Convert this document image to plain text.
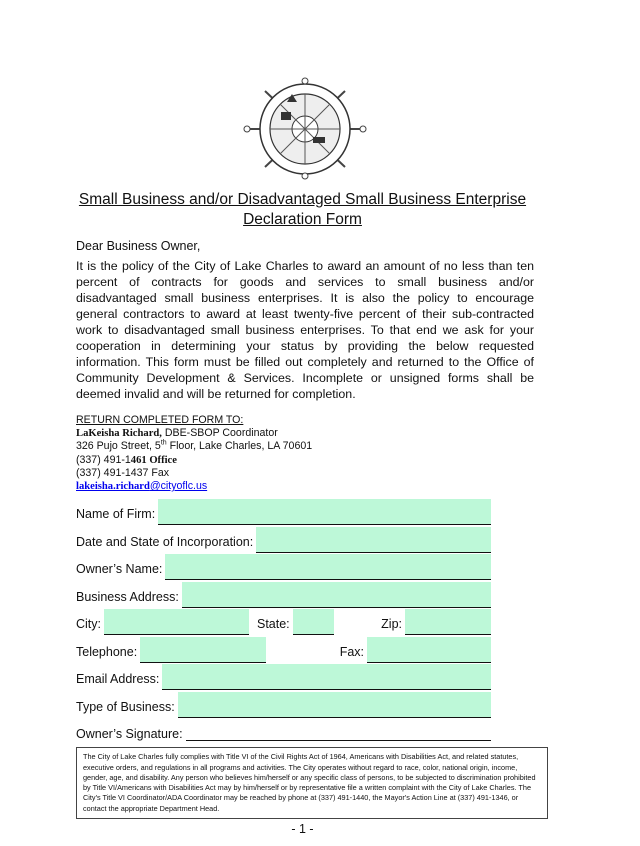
Small Business and/or Disadvantaged Small Business Enterprise
Declaration Form
Dear Business Owner,
It is the policy of the City of Lake Charles to award an amount of no less than ten percent of contracts for goods and services to small business and/or disadvantaged small business enterprises. It is also the policy to encourage general contractors to award at least twenty-five percent of their sub-contracted work to disadvantaged small business enterprises. To that end we ask for your cooperation in determining your status by providing the below requested information. This form must be filled out completely and returned to the Office of Community Development & Services. Incomplete or unsigned forms shall be deemed invalid and will be returned for completion.
RETURN COMPLETED FORM TO:
LaKeisha Richard, DBE-SBOP Coordinator
326 Pujo Street, 5th Floor, Lake Charles, LA 70601
(337) 491-1461 Office
(337) 491-1437 Fax
lakeisha.richard@cityoflc.us
Name of Firm:
Date and State of Incorporation:
Owner’s Name:
Business Address:
City:	State:	Zip:
Telephone:	Fax:
Email Address:
Type of Business:
Owner’s Signature:
The City of Lake Charles fully complies with Title VI of the Civil Rights Act of 1964, Americans with Disabilities Act, and related statutes, executive orders, and regulations in all programs and activities. The City operates without regard to race, color, national origin, income, gender, age, and disability. Any person who believes him/herself or any specific class of persons, to be subjected to discrimination prohibited by Title VI/Americans with Disabilities Act may by him/herself or by representative file a written complaint with the City of Lake Charles. The City's Title VI Coordinator/ADA Coordinator may be reached by phone at (337) 491-1440, the Mayor's Action Line at (337) 491-1346, or contact the appropriate Department Head.
- 1 -
